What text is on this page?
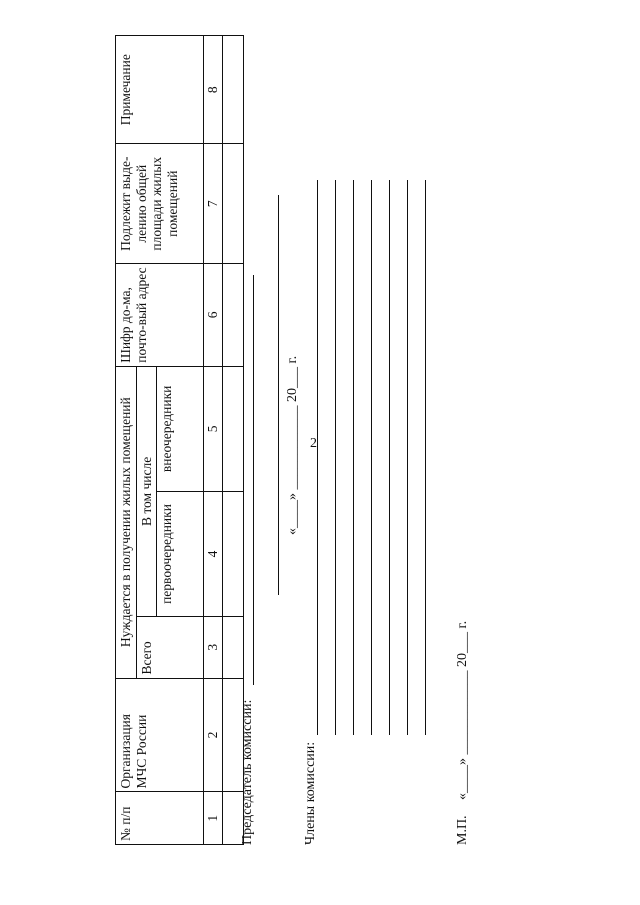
2
№ п/п	Организация МЧС России	Нуждается в получении жилых помещений			Шифр до-ма, почто-вый адрес	Подлежит выде-лению общей площади жилых помещений	Примечание
		Всего	В том числе				
			первоочередники	внеочередники			
1	2	3	4	5	6	7	8

Председатель комиссии:
«____» ____________ 20___ г.
Члены комиссии:	М.П.
«____» ____________ 20___ г.
